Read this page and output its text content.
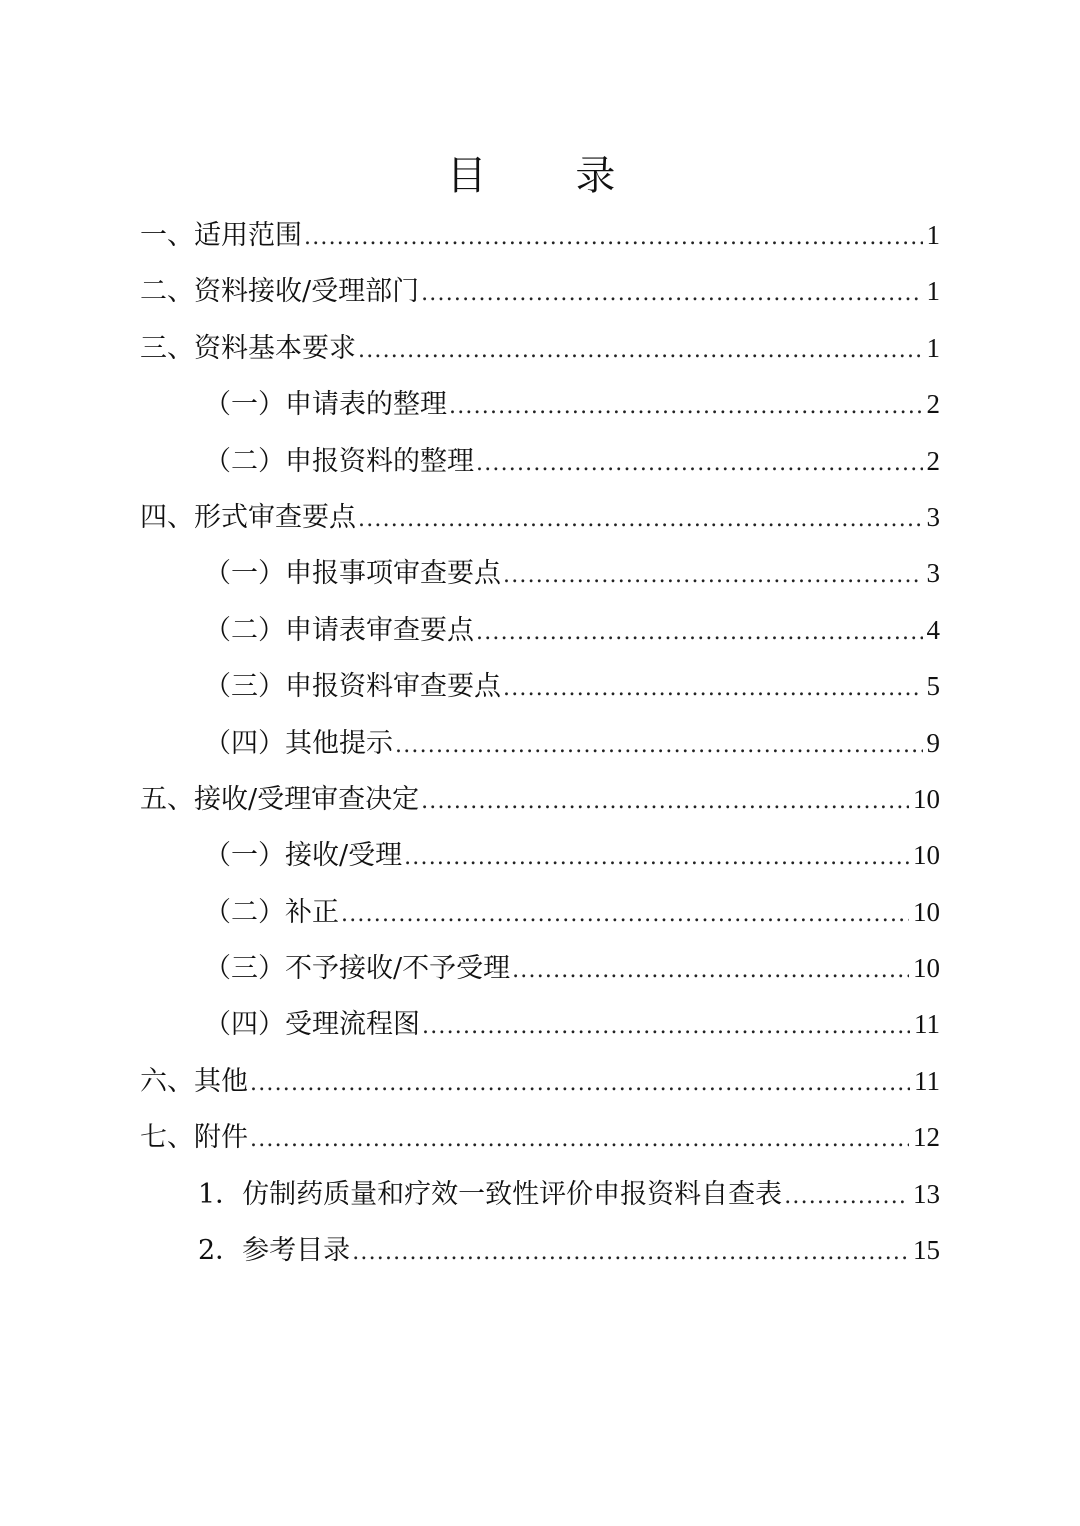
目 录
一、适用范围 .....	1
二、资料接收/受理部门 .....	1
三、资料基本要求 .....	1
（一）申请表的整理 .....	2
（二）申报资料的整理 .....	2
四、形式审查要点 .....	3
（一）申报事项审查要点 .....	3
（二）申请表审查要点 .....	4
（三）申报资料审查要点 .....	5
（四）其他提示 .....	9
五、接收/受理审查决定 .....	10
（一）接收/受理 .....	10
（二）补正 .....	10
（三）不予接收/不予受理 .....	10
（四）受理流程图 .....	11
六、其他 .....	11
七、附件 .....	12
1．仿制药质量和疗效一致性评价申报资料自查表 .....	13
2．参考目录 .....	15
